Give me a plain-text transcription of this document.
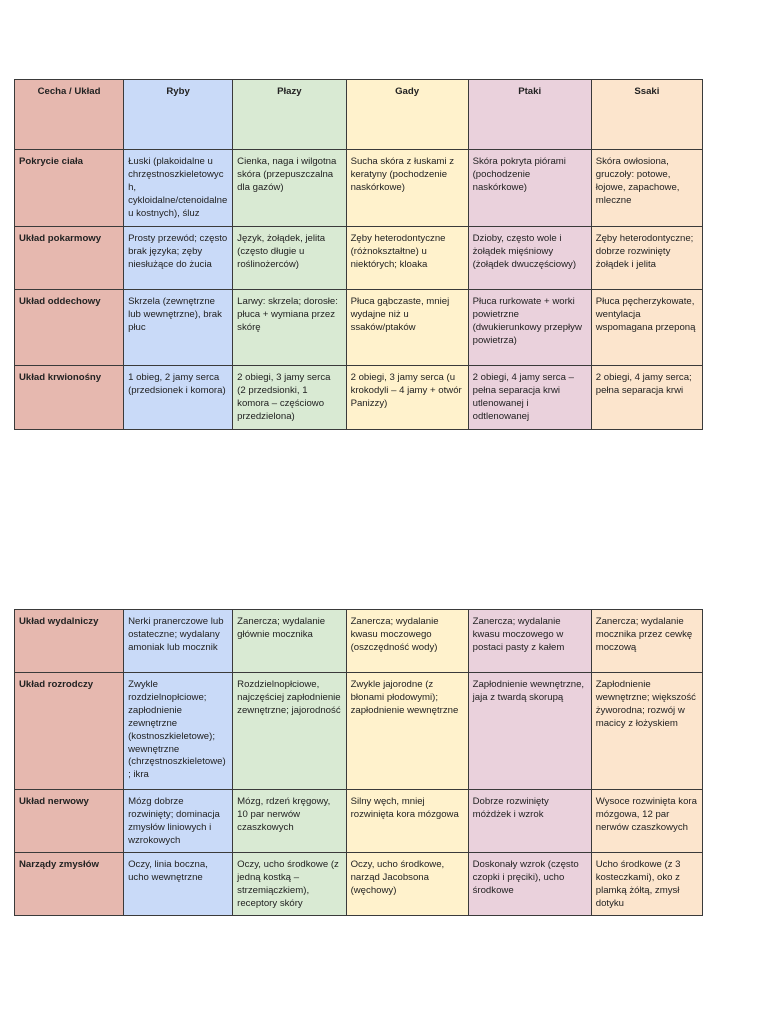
Cecha / Układ	Ryby	Płazy	Gady	Ptaki	Ssaki
Pokrycie ciała	Łuski (plakoidalne u chrzęstnoszkieletowych, cykloidalne/ctenoidalne u kostnych), śluz	Cienka, naga i wilgotna skóra (przepuszczalna dla gazów)	Sucha skóra z łuskami z keratyny (pochodzenie naskórkowe)	Skóra pokryta piórami (pochodzenie naskórkowe)	Skóra owłosiona, gruczoły: potowe, łojowe, zapachowe, mleczne
Układ pokarmowy	Prosty przewód; często brak języka; zęby niesłużące do żucia	Język, żołądek, jelita (często długie u roślinożerców)	Zęby heterodontyczne (różnokształtne) u niektórych; kloaka	Dzioby, często wole i żołądek mięśniowy (żołądek dwuczęściowy)	Zęby heterodontyczne; dobrze rozwinięty żołądek i jelita
Układ oddechowy	Skrzela (zewnętrzne lub wewnętrzne), brak płuc	Larwy: skrzela; dorosłe: płuca + wymiana przez skórę	Płuca gąbczaste, mniej wydajne niż u ssaków/ptaków	Płuca rurkowate + worki powietrzne (dwukierunkowy przepływ powietrza)	Płuca pęcherzykowate, wentylacja wspomagana przeponą
Układ krwionośny	1 obieg, 2 jamy serca (przedsionek i komora)	2 obiegi, 3 jamy serca (2 przedsionki, 1 komora – częściowo przedzielona)	2 obiegi, 3 jamy serca (u krokodyli – 4 jamy + otwór Panizzy)	2 obiegi, 4 jamy serca – pełna separacja krwi utlenowanej i odtlenowanej	2 obiegi, 4 jamy serca; pełna separacja krwi
Układ wydalniczy	Nerki pranerczowe lub ostateczne; wydalany amoniak lub mocznik	Zanercza; wydalanie głównie mocznika	Zanercza; wydalanie kwasu moczowego (oszczędność wody)	Zanercza; wydalanie kwasu moczowego w postaci pasty z kałem	Zanercza; wydalanie mocznika przez cewkę moczową
Układ rozrodczy	Zwykle rozdzielnopłciowe; zapłodnienie zewnętrzne (kostnoszkieletowe); wewnętrzne (chrzęstnoszkieletowe); ikra	Rozdzielnopłciowe, najczęściej zapłodnienie zewnętrzne; jajorodność	Zwykle jajorodne (z błonami płodowymi); zapłodnienie wewnętrzne	Zapłodnienie wewnętrzne, jaja z twardą skorupą	Zapłodnienie wewnętrzne; większość żyworodna; rozwój w macicy z łożyskiem
Układ nerwowy	Mózg dobrze rozwinięty; dominacja zmysłów liniowych i wzrokowych	Mózg, rdzeń kręgowy, 10 par nerwów czaszkowych	Silny węch, mniej rozwinięta kora mózgowa	Dobrze rozwinięty móżdżek i wzrok	Wysoce rozwinięta kora mózgowa, 12 par nerwów czaszkowych
Narządy zmysłów	Oczy, linia boczna, ucho wewnętrzne	Oczy, ucho środkowe (z jedną kostką – strzemiączkiem), receptory skóry	Oczy, ucho środkowe, narząd Jacobsona (węchowy)	Doskonały wzrok (często czopki i pręciki), ucho środkowe	Ucho środkowe (z 3 kosteczkami), oko z plamką żółtą, zmysł dotyku
